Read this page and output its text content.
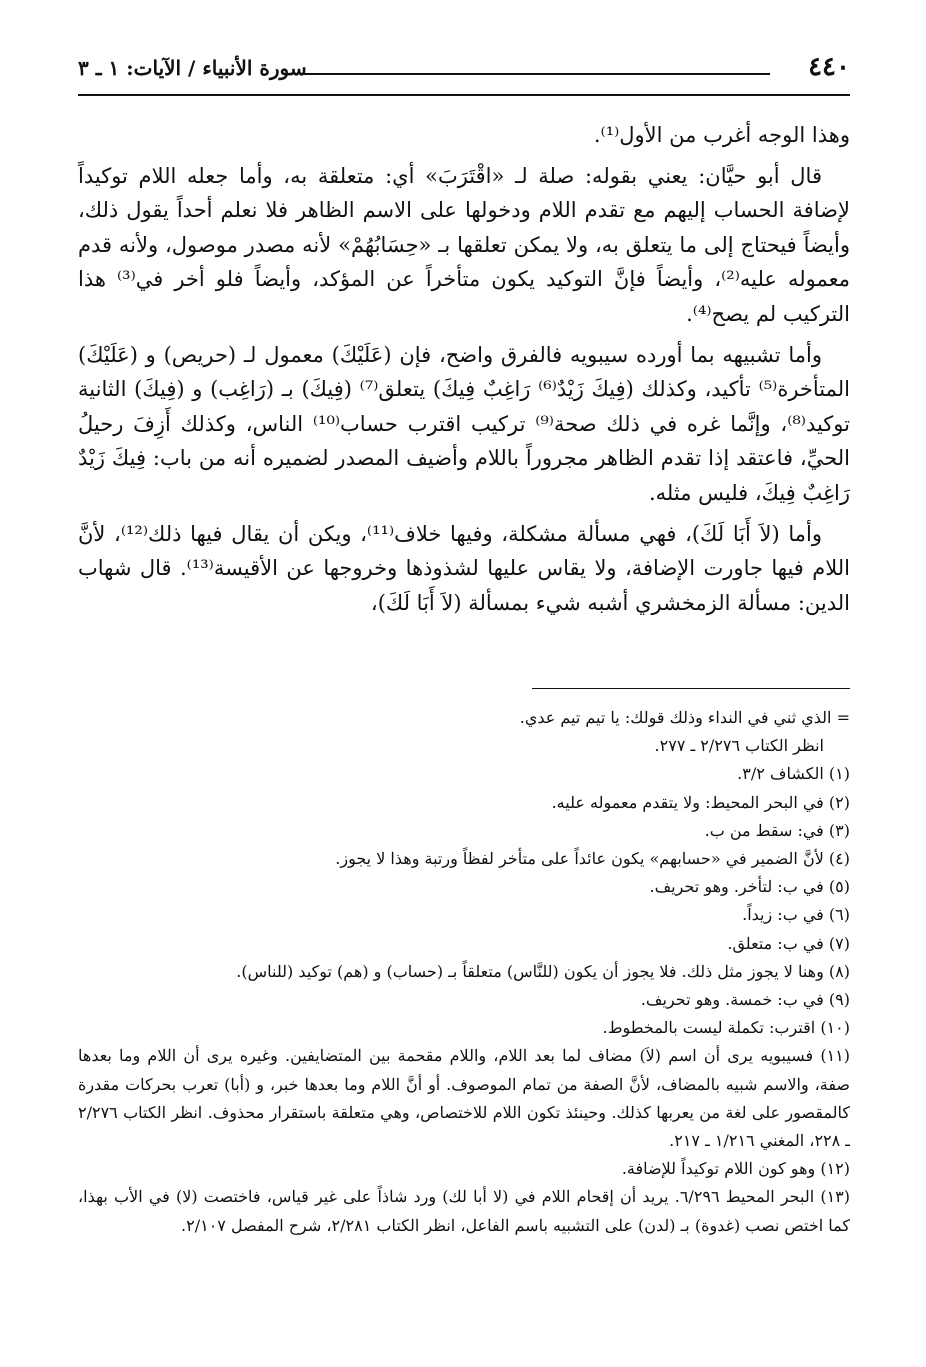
٤٤٠
سورة الأنبياء / الآيات: ١ ـ ٣

وهذا الوجه أغرب من الأول⁽¹⁾.

قال أبو حيَّان: يعني بقوله: صلة لـ «اقْتَرَبَ» أي: متعلقة به، وأما جعله اللام توكيداً لإضافة الحساب إليهم مع تقدم اللام ودخولها على الاسم الظاهر فلا نعلم أحداً يقول ذلك، وأيضاً فيحتاج إلى ما يتعلق به، ولا يمكن تعلقها بـ «حِسَابُهُمْ» لأنه مصدر موصول، ولأنه قدم معموله عليه⁽²⁾، وأيضاً فإنَّ التوكيد يكون متأخراً عن المؤكد، وأيضاً فلو أخر في⁽³⁾ هذا التركيب لم يصح⁽⁴⁾.

وأما تشبيهه بما أورده سيبويه فالفرق واضح، فإن (عَلَيْكَ) معمول لـ (حريص) و (عَلَيْكَ) المتأخرة⁽⁵⁾ تأكيد، وكذلك (فِيكَ زَيْدٌ⁽⁶⁾ رَاغِبٌ فِيكَ) يتعلق⁽⁷⁾ (فِيكَ) بـ (رَاغِب) و (فِيكَ) الثانية توكيد⁽⁸⁾، وإنَّما غره في ذلك صحة⁽⁹⁾ تركيب اقترب حساب⁽¹⁰⁾ الناس، وكذلك أَزِفَ رحيلُ الحيِّ، فاعتقد إذا تقدم الظاهر مجروراً باللام وأضيف المصدر لضميره أنه من باب: فِيكَ زَيْدٌ رَاغِبٌ فِيكَ، فليس مثله.

وأما (لاَ أَبَا لَكَ)، فهي مسألة مشكلة، وفيها خلاف⁽¹¹⁾، ويكن أن يقال فيها ذلك⁽¹²⁾، لأنَّ اللام فيها جاورت الإضافة، ولا يقاس عليها لشذوذها وخروجها عن الأقيسة⁽¹³⁾. قال شهاب الدين: مسألة الزمخشري أشبه شيء بمسألة (لاَ أَبَا لَكَ)،

= الذي ثني في النداء وذلك قولك: يا تيم تيم عدي.

انظر الكتاب ٢/٢٧٦ ـ ٢٧٧.

(١) الكشاف ٣/٢.

(٢) في البحر المحيط: ولا يتقدم معموله عليه.

(٣) في: سقط من ب.

(٤) لأنَّ الضمير في «حسابهم» يكون عائداً على متأخر لفظاً ورتبة وهذا لا يجوز.

(٥) في ب: لتأخر. وهو تحريف.

(٦) في ب: زيداً.

(٧) في ب: متعلق.

(٨) وهنا لا يجوز مثل ذلك. فلا يجوز أن يكون (للنَّاس) متعلقاً بـ (حساب) و (هم) توكيد (للناس).

(٩) في ب: خمسة. وهو تحريف.

(١٠) اقترب: تكملة ليست بالمخطوط.

(١١) فسيبويه يرى أن اسم (لاَ) مضاف لما بعد اللام، واللام مقحمة بين المتضايفين. وغيره يرى أن اللام وما بعدها صفة، والاسم شبيه بالمضاف، لأنَّ الصفة من تمام الموصوف. أو أنَّ اللام وما بعدها خبر، و (أبا) تعرب بحركات مقدرة كالمقصور على لغة من يعربها كذلك. وحينئذ تكون اللام للاختصاص، وهي متعلقة باستقرار محذوف. انظر الكتاب ٢/٢٧٦ ـ ٢٢٨، المغني ١/٢١٦ ـ ٢١٧.

(١٢) وهو كون اللام توكيداً للإضافة.

(١٣) البحر المحيط ٦/٢٩٦. يريد أن إقحام اللام في (لا أبا لك) ورد شاذاً على غير قياس، فاختصت (لا) في الأب بهذا، كما اختص نصب (غدوة) بـ (لدن) على التشبيه باسم الفاعل، انظر الكتاب ٢/٢٨١، شرح المفصل ٢/١٠٧.
